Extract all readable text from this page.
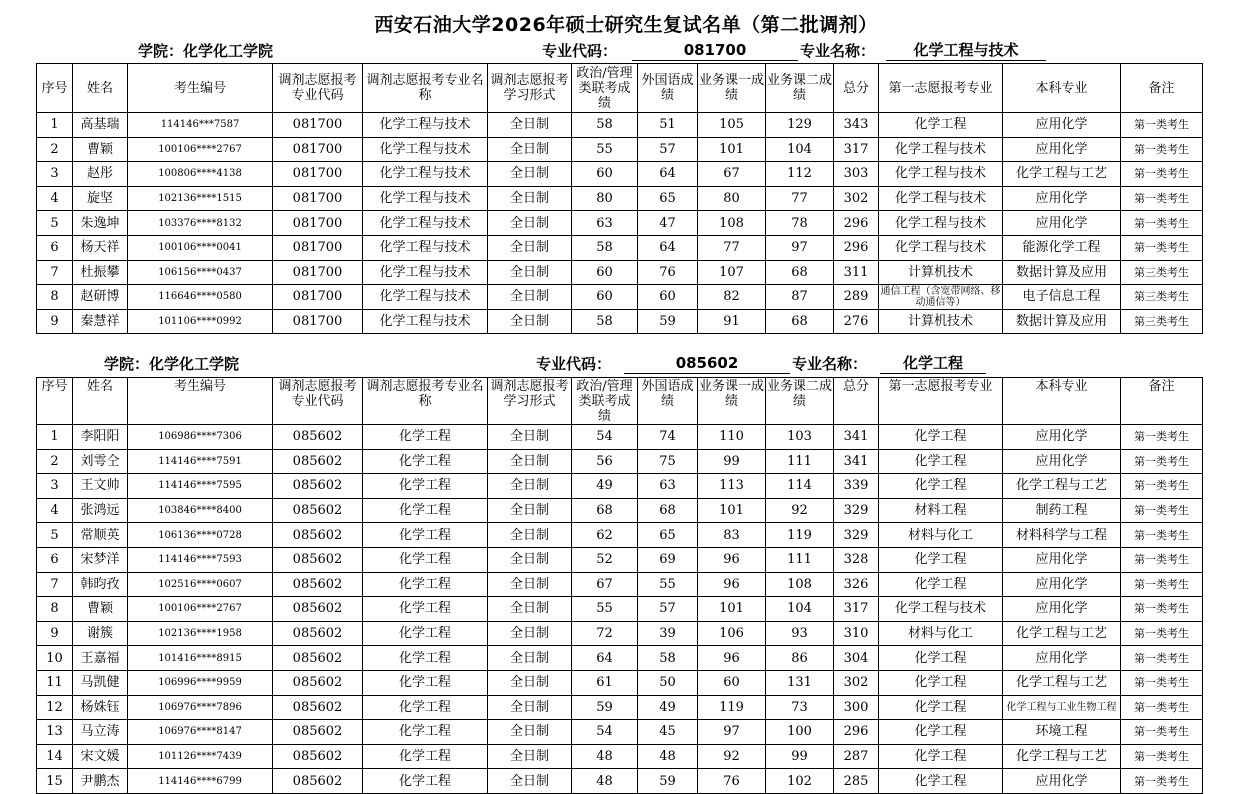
西安石油大学2026年硕士研究生复试名单（第二批调剂）
学院：化学化工学院	专业代码：	081700	专业名称：	化学工程与技术
序号	姓名	考生编号	调剂志愿报考专业代码	调剂志愿报考专业名称	调剂志愿报考学习形式	政治/管理类联考成绩	外国语成绩	业务课一成绩	业务课二成绩	总分	第一志愿报考专业	本科专业	备注
1	高基瑞	114146***7587	081700	化学工程与技术	全日制	58	51	105	129	343	化学工程	应用化学	第一类考生
2	曹颖	100106****2767	081700	化学工程与技术	全日制	55	57	101	104	317	化学工程与技术	应用化学	第一类考生
3	赵彤	100806****4138	081700	化学工程与技术	全日制	60	64	67	112	303	化学工程与技术	化学工程与工艺	第一类考生
4	旋坚	102136****1515	081700	化学工程与技术	全日制	80	65	80	77	302	化学工程与技术	应用化学	第一类考生
5	朱逸坤	103376****8132	081700	化学工程与技术	全日制	63	47	108	78	296	化学工程与技术	应用化学	第一类考生
6	杨天祥	100106****0041	081700	化学工程与技术	全日制	58	64	77	97	296	化学工程与技术	能源化学工程	第一类考生
7	杜振攀	106156****0437	081700	化学工程与技术	全日制	60	76	107	68	311	计算机技术	数据计算及应用	第三类考生
8	赵研博	116646****0580	081700	化学工程与技术	全日制	60	60	82	87	289	通信工程（含宽带网络、移动通信等）	电子信息工程	第三类考生
9	秦慧祥	101106****0992	081700	化学工程与技术	全日制	58	59	91	68	276	计算机技术	数据计算及应用	第三类考生
学院：化学化工学院	专业代码：	085602	专业名称：	化学工程
序号	姓名	考生编号	调剂志愿报考专业代码	调剂志愿报考专业名称	调剂志愿报考学习形式	政治/管理类联考成绩	外国语成绩	业务课一成绩	业务课二成绩	总分	第一志愿报考专业	本科专业	备注
1	李阳阳	106986****7306	085602	化学工程	全日制	54	74	110	103	341	化学工程	应用化学	第一类考生
2	刘雩仝	114146****7591	085602	化学工程	全日制	56	75	99	111	341	化学工程	应用化学	第一类考生
3	王文帅	114146****7595	085602	化学工程	全日制	49	63	113	114	339	化学工程	化学工程与工艺	第一类考生
4	张鸿远	103846****8400	085602	化学工程	全日制	68	68	101	92	329	材料工程	制药工程	第一类考生
5	常顺英	106136****0728	085602	化学工程	全日制	62	65	83	119	329	材料与化工	材料科学与工程	第一类考生
6	宋梦洋	114146****7593	085602	化学工程	全日制	52	69	96	111	328	化学工程	应用化学	第一类考生
7	韩昀孜	102516****0607	085602	化学工程	全日制	67	55	96	108	326	化学工程	应用化学	第一类考生
8	曹颖	100106****2767	085602	化学工程	全日制	55	57	101	104	317	化学工程与技术	应用化学	第一类考生
9	谢簇	102136****1958	085602	化学工程	全日制	72	39	106	93	310	材料与化工	化学工程与工艺	第一类考生
10	王嘉福	101416****8915	085602	化学工程	全日制	64	58	96	86	304	化学工程	应用化学	第一类考生
11	马凯健	106996****9959	085602	化学工程	全日制	61	50	60	131	302	化学工程	化学工程与工艺	第一类考生
12	杨姝钰	106976****7896	085602	化学工程	全日制	59	49	119	73	300	化学工程	化学工程与工业生物工程	第一类考生
13	马立涛	106976****8147	085602	化学工程	全日制	54	45	97	100	296	化学工程	环境工程	第一类考生
14	宋文媛	101126****7439	085602	化学工程	全日制	48	48	92	99	287	化学工程	化学工程与工艺	第一类考生
15	尹鹏杰	114146****6799	085602	化学工程	全日制	48	59	76	102	285	化学工程	应用化学	第一类考生
